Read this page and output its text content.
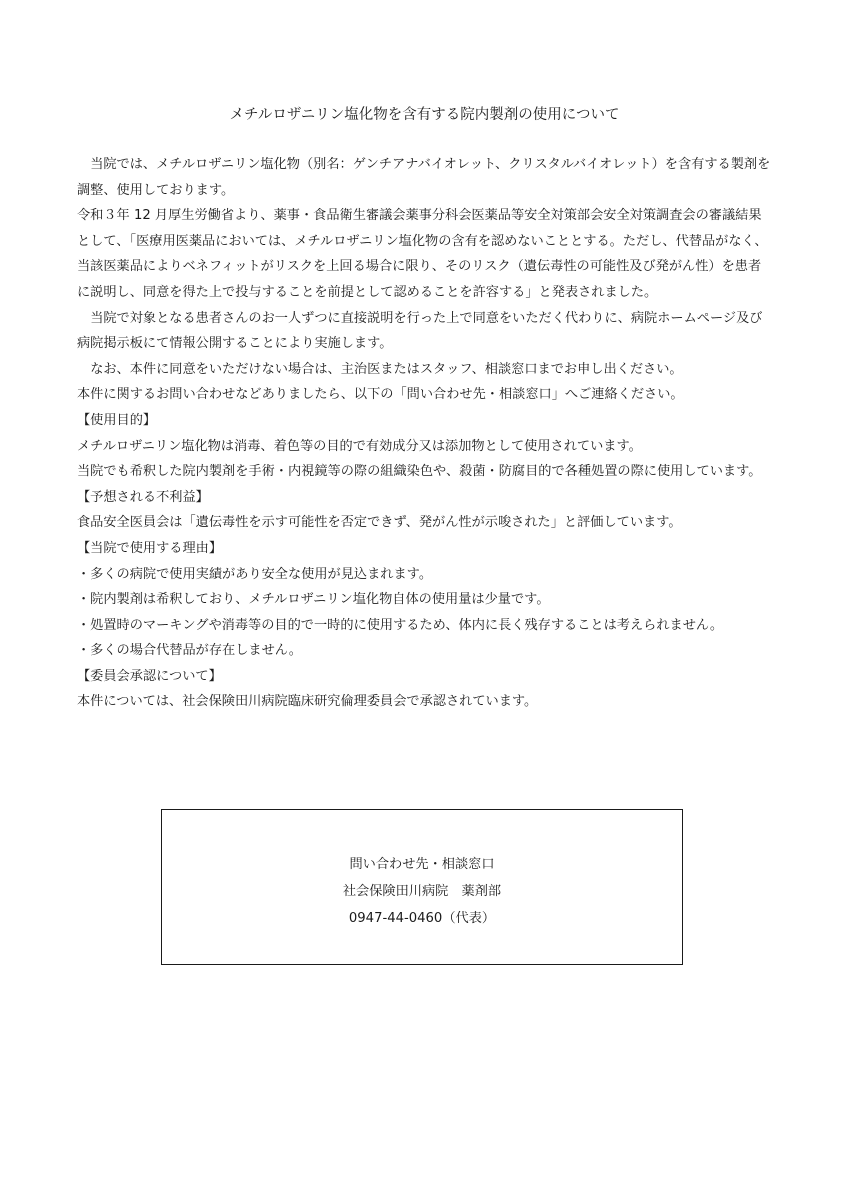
メチルロザニリン塩化物を含有する院内製剤の使用について

当院では、メチルロザニリン塩化物（別名：ゲンチアナバイオレット、クリスタルバイオレット）を含有する製剤を調整、使用しております。

令和３年 12 月厚生労働省より、薬事・食品衛生審議会薬事分科会医薬品等安全対策部会安全対策調査会の審議結果として、「医療用医薬品においては、メチルロザニリン塩化物の含有を認めないこととする。ただし、代替品がなく、当該医薬品によりベネフィットがリスクを上回る場合に限り、そのリスク（遺伝毒性の可能性及び発がん性）を患者に説明し、同意を得た上で投与することを前提として認めることを許容する」と発表されました。

当院で対象となる患者さんのお一人ずつに直接説明を行った上で同意をいただく代わりに、病院ホームページ及び病院掲示板にて情報公開することにより実施します。

なお、本件に同意をいただけない場合は、主治医またはスタッフ、相談窓口までお申し出ください。

本件に関するお問い合わせなどありましたら、以下の「問い合わせ先・相談窓口」へご連絡ください。

【使用目的】

メチルロザニリン塩化物は消毒、着色等の目的で有効成分又は添加物として使用されています。

当院でも希釈した院内製剤を手術・内視鏡等の際の組織染色や、殺菌・防腐目的で各種処置の際に使用しています。

【予想される不利益】

食品安全医員会は「遺伝毒性を示す可能性を否定できず、発がん性が示唆された」と評価しています。

【当院で使用する理由】

・多くの病院で使用実績があり安全な使用が見込まれます。

・院内製剤は希釈しており、メチルロザニリン塩化物自体の使用量は少量です。

・処置時のマーキングや消毒等の目的で一時的に使用するため、体内に長く残存することは考えられません。

・多くの場合代替品が存在しません。

【委員会承認について】

本件については、社会保険田川病院臨床研究倫理委員会で承認されています。

問い合わせ先・相談窓口
社会保険田川病院　薬剤部
0947-44-0460（代表）
